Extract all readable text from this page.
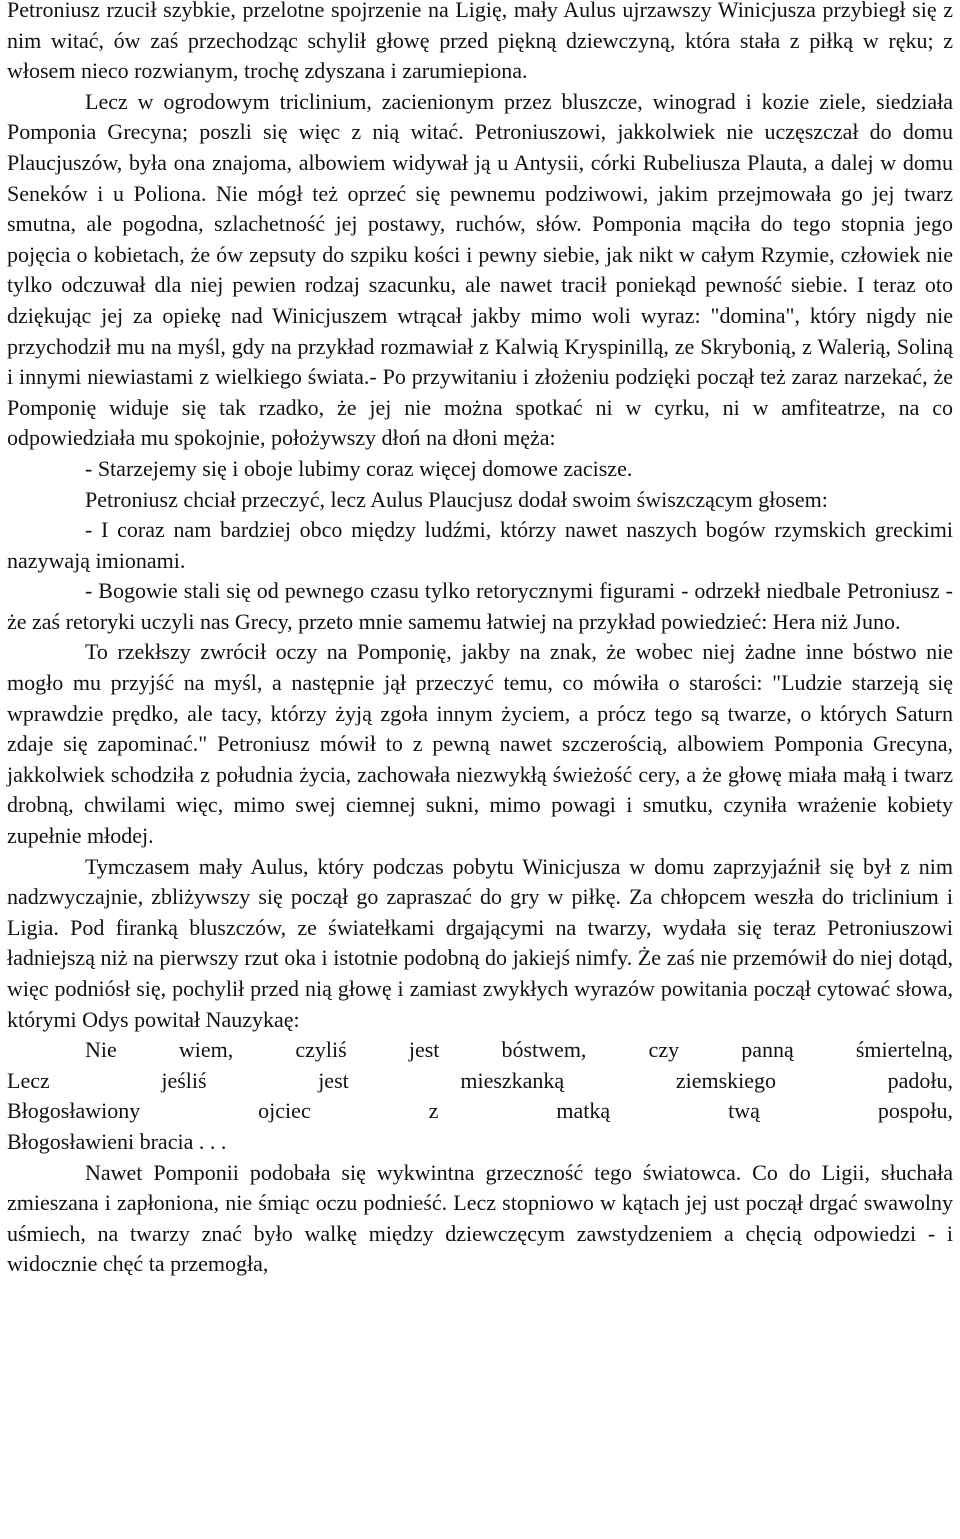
Petroniusz rzucił szybkie, przelotne spojrzenie na Ligię, mały Aulus ujrzawszy Winicjusza przybiegł się z nim witać, ów zaś przechodząc schylił głowę przed piękną dziewczyną, która stała z piłką w ręku; z włosem nieco rozwianym, trochę zdyszana i zarumiepiona.

Lecz w ogrodowym triclinium, zacienionym przez bluszcze, winograd i kozie ziele, siedziała Pomponia Grecyna; poszli się więc z nią witać. Petroniuszowi, jakkolwiek nie uczęszczał do domu Plaucjuszów, była ona znajoma, albowiem widywał ją u Antysii, córki Rubeliusza Plauta, a dalej w domu Seneków i u Poliona. Nie mógł też oprzeć się pewnemu podziwowi, jakim przejmowała go jej twarz smutna, ale pogodna, szlachetność jej postawy, ruchów, słów. Pomponia mąciła do tego stopnia jego pojęcia o kobietach, że ów zepsuty do szpiku kości i pewny siebie, jak nikt w całym Rzymie, człowiek nie tylko odczuwał dla niej pewien rodzaj szacunku, ale nawet tracił poniekąd pewność siebie. I teraz oto dziękując jej za opiekę nad Winicjuszem wtrącał jakby mimo woli wyraz: "domina", który nigdy nie przychodził mu na myśl, gdy na przykład rozmawiał z Kalwią Kryspinillą, ze Skrybonią, z Walerią, Soliną i innymi niewiastami z wielkiego świata.- Po przywitaniu i złożeniu podzięki począł też zaraz narzekać, że Pomponię widuje się tak rzadko, że jej nie można spotkać ni w cyrku, ni w amfiteatrze, na co odpowiedziała mu spokojnie, położywszy dłoń na dłoni męża:

- Starzejemy się i oboje lubimy coraz więcej domowe zacisze.

Petroniusz chciał przeczyć, lecz Aulus Plaucjusz dodał swoim świszczącym głosem:

- I coraz nam bardziej obco między ludźmi, którzy nawet naszych bogów rzymskich greckimi nazywają imionami.

- Bogowie stali się od pewnego czasu tylko retorycznymi figurami - odrzekł niedbale Petroniusz - że zaś retoryki uczyli nas Grecy, przeto mnie samemu łatwiej na przykład powiedzieć: Hera niż Juno.

To rzekłszy zwrócił oczy na Pomponię, jakby na znak, że wobec niej żadne inne bóstwo nie mogło mu przyjść na myśl, a następnie jął przeczyć temu, co mówiła o starości: "Ludzie starzeją się wprawdzie prędko, ale tacy, którzy żyją zgoła innym życiem, a prócz tego są twarze, o których Saturn zdaje się zapominać." Petroniusz mówił to z pewną nawet szczerością, albowiem Pomponia Grecyna, jakkolwiek schodziła z południa życia, zachowała niezwykłą świeżość cery, a że głowę miała małą i twarz drobną, chwilami więc, mimo swej ciemnej sukni, mimo powagi i smutku, czyniła wrażenie kobiety zupełnie młodej.

Tymczasem mały Aulus, który podczas pobytu Winicjusza w domu zaprzyjaźnił się był z nim nadzwyczajnie, zbliżywszy się począł go zapraszać do gry w piłkę. Za chłopcem weszła do triclinium i Ligia. Pod firanką bluszczów, ze światełkami drgającymi na twarzy, wydała się teraz Petroniuszowi ładniejszą niż na pierwszy rzut oka i istotnie podobną do jakiejś nimfy. Że zaś nie przemówił do niej dotąd, więc podniósł się, pochylił przed nią głowę i zamiast zwykłych wyrazów powitania począł cytować słowa, którymi Odys powitał Nauzykaę:

Nie wiem, czyliś jest bóstwem, czy panną śmiertelną,

Lecz jeśliś jest mieszkanką ziemskiego padołu,

Błogosławiony ojciec z matką twą pospołu,

Błogosławieni bracia . . .

Nawet Pomponii podobała się wykwintna grzeczność tego światowca. Co do Ligii, słuchała zmieszana i zapłoniona, nie śmiąc oczu podnieść. Lecz stopniowo w kątach jej ust począł drgać swawolny uśmiech, na twarzy znać było walkę między dziewczęcym zawstydzeniem a chęcią odpowiedzi - i widocznie chęć ta przemogła,
